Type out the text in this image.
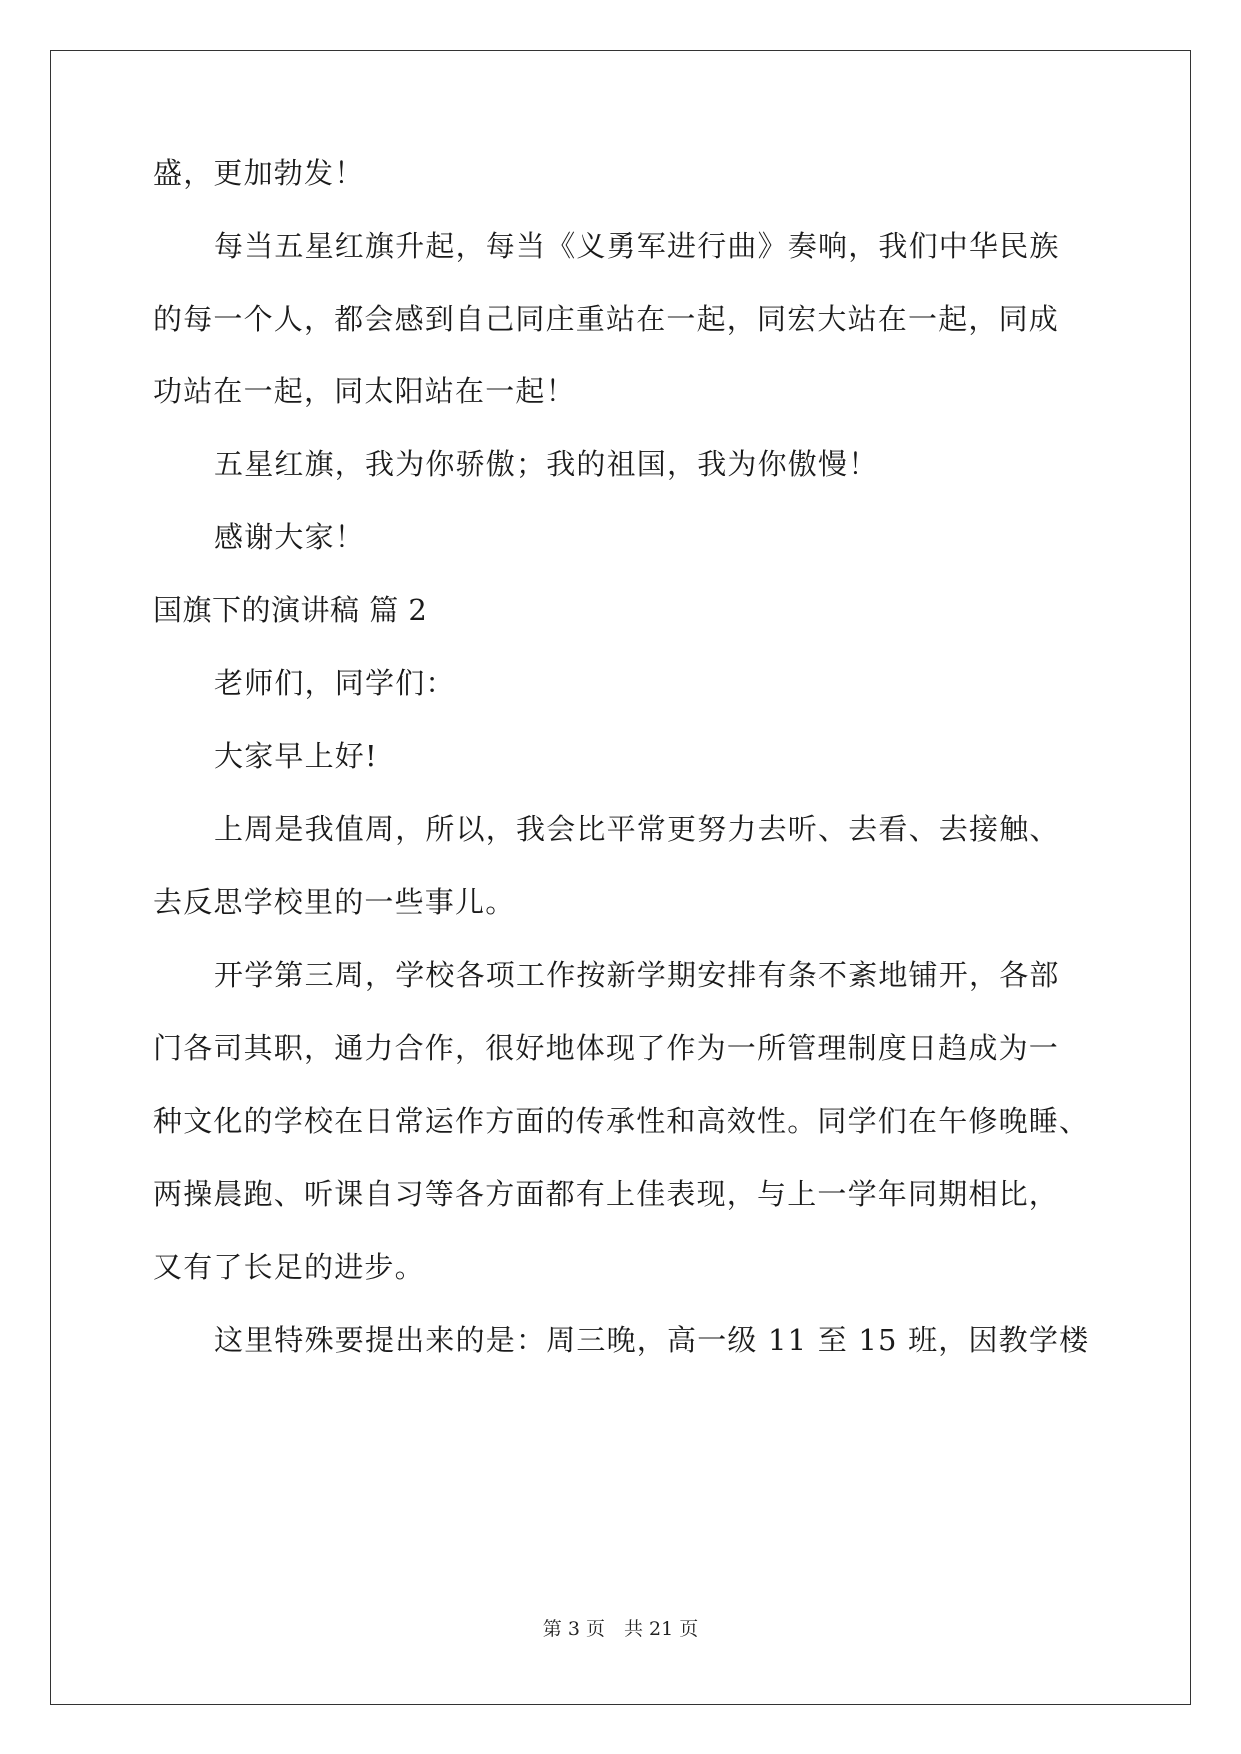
盛，更加勃发！
每当五星红旗升起，每当《义勇军进行曲》奏响，我们中华民族
的每一个人，都会感到自己同庄重站在一起，同宏大站在一起，同成
功站在一起，同太阳站在一起！
五星红旗，我为你骄傲；我的祖国，我为你傲慢！
感谢大家！
国旗下的演讲稿 篇 2
老师们，同学们：
大家早上好!
上周是我值周，所以，我会比平常更努力去听、去看、去接触、
去反思学校里的一些事儿。
开学第三周，学校各项工作按新学期安排有条不紊地铺开，各部
门各司其职，通力合作，很好地体现了作为一所管理制度日趋成为一
种文化的学校在日常运作方面的传承性和高效性。同学们在午修晚睡、
两操晨跑、听课自习等各方面都有上佳表现，与上一学年同期相比，
又有了长足的进步。
这里特殊要提出来的是：周三晚，高一级 11 至 15 班，因教学楼
第 3 页　共 21 页
